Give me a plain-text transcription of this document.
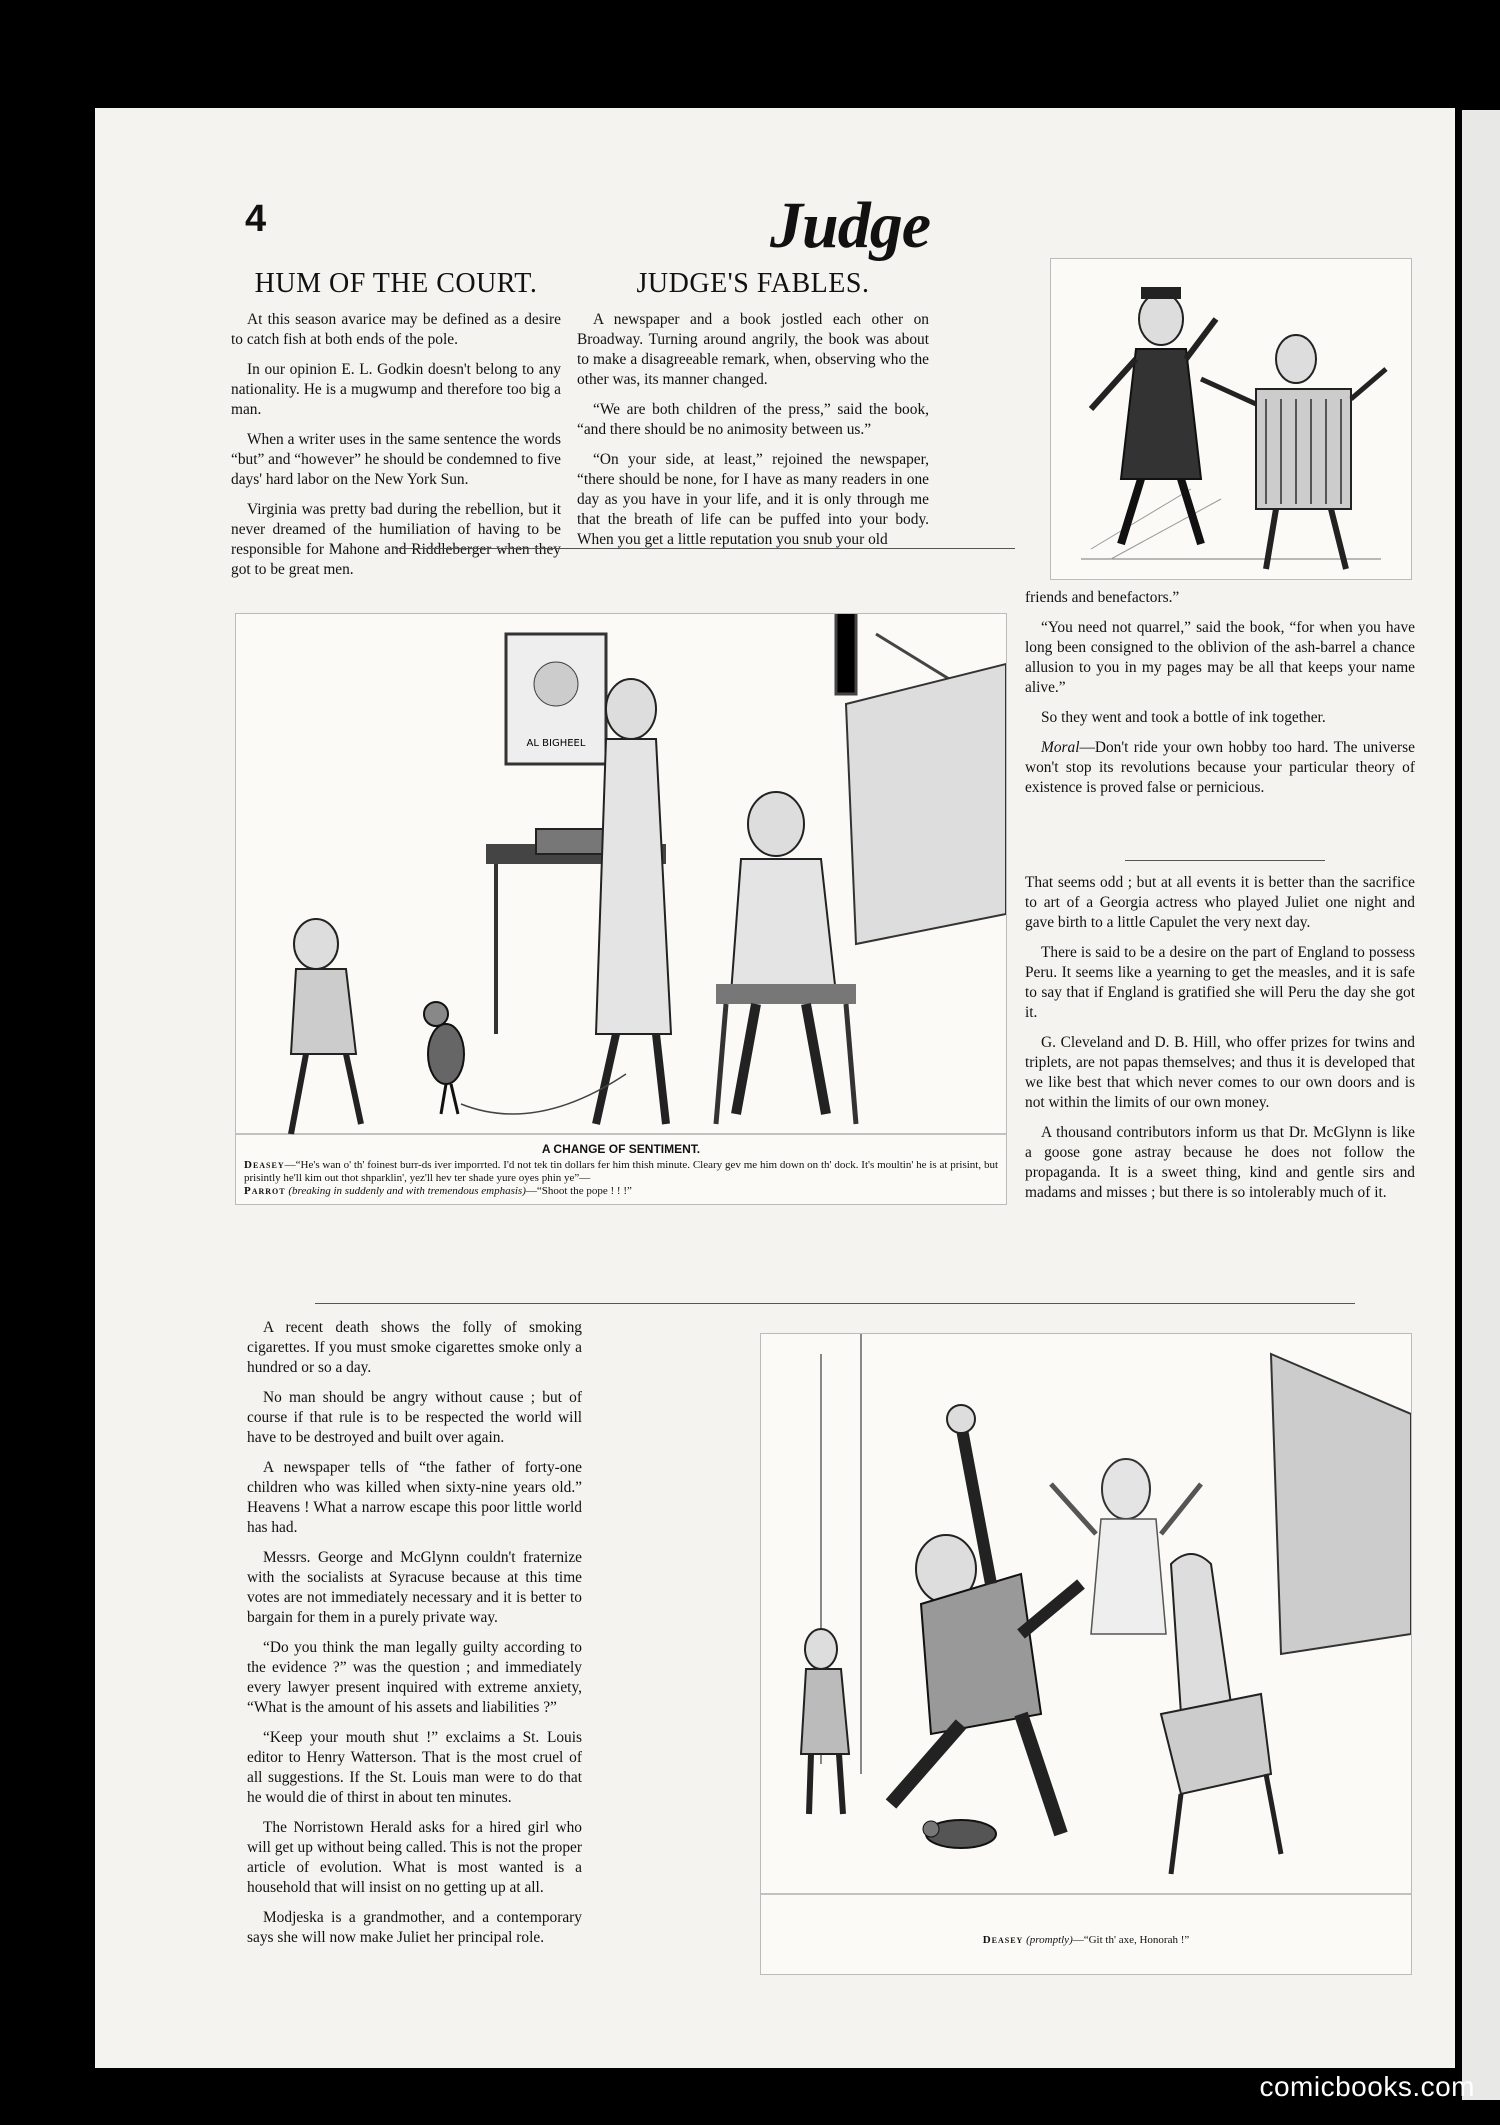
4	Judge
HUM OF THE COURT.

At this season avarice may be defined as a desire to catch fish at both ends of the pole.

In our opinion E. L. Godkin doesn't belong to any nationality. He is a mugwump and therefore too big a man.

When a writer uses in the same sentence the words “but” and “however” he should be condemned to five days' hard labor on the New York Sun.

Virginia was pretty bad during the rebellion, but it never dreamed of the humiliation of having to be responsible for Mahone and Riddleberger when they got to be great men.

JUDGE'S FABLES.

A newspaper and a book jostled each other on Broadway. Turning around angrily, the book was about to make a disagreeable remark, when, observing who the other was, its manner changed.

“We are both children of the press,” said the book, “and there should be no animosity between us.”

“On your side, at least,” rejoined the newspaper, “there should be none, for I have as many readers in one day as you have in your life, and it is only through me that the breath of life can be puffed into your body. When you get a little reputation you snub your old

friends and benefactors.”

“You need not quarrel,” said the book, “for when you have long been consigned to the oblivion of the ash-barrel a chance allusion to you in my pages may be all that keeps your name alive.”

So they went and took a bottle of ink together.

Moral—Don't ride your own hobby too hard. The universe won't stop its revolutions because your particular theory of existence is proved false or pernicious.

That seems odd ; but at all events it is better than the sacrifice to art of a Georgia actress who played Juliet one night and gave birth to a little Capulet the very next day.

There is said to be a desire on the part of England to possess Peru. It seems like a yearning to get the measles, and it is safe to say that if England is gratified she will Peru the day she got it.

G. Cleveland and D. B. Hill, who offer prizes for twins and triplets, are not papas themselves; and thus it is developed that we like best that which never comes to our own doors and is not within the limits of our own money.

A thousand contributors inform us that Dr. McGlynn is like a goose gone astray because he does not follow the propaganda. It is a sweet thing, kind and gentle sirs and madams and misses ; but there is so intolerably much of it.

AL BIGHEEL
A CHANGE OF SENTIMENT.
Deasey—“He's wan o' th' foinest burr-ds iver imporrted. I'd not tek tin dollars fer him thish minute. Cleary gev me him down on th' dock. It's moultin' he is at prisint, but prisintly he'll kim out thot shparklin', yez'll hev ter shade yure oyes phin ye”—
Parrot (breaking in suddenly and with tremendous emphasis)—“Shoot the pope ! ! !”

A recent death shows the folly of smoking cigarettes. If you must smoke cigarettes smoke only a hundred or so a day.

No man should be angry without cause ; but of course if that rule is to be respected the world will have to be destroyed and built over again.

A newspaper tells of “the father of forty-one children who was killed when sixty-nine years old.” Heavens ! What a narrow escape this poor little world has had.

Messrs. George and McGlynn couldn't fraternize with the socialists at Syracuse because at this time votes are not immediately necessary and it is better to bargain for them in a purely private way.

“Do you think the man legally guilty according to the evidence ?” was the question ; and immediately every lawyer present inquired with extreme anxiety, “What is the amount of his assets and liabilities ?”

“Keep your mouth shut !” exclaims a St. Louis editor to Henry Watterson. That is the most cruel of all suggestions. If the St. Louis man were to do that he would die of thirst in about ten minutes.

The Norristown Herald asks for a hired girl who will get up without being called. This is not the proper article of evolution. What is most wanted is a household that will insist on no getting up at all.

Modjeska is a grandmother, and a contemporary says she will now make Juliet her principal role.	Deasey (promptly)—“Git th' axe, Honorah !”
comicbooks.com
